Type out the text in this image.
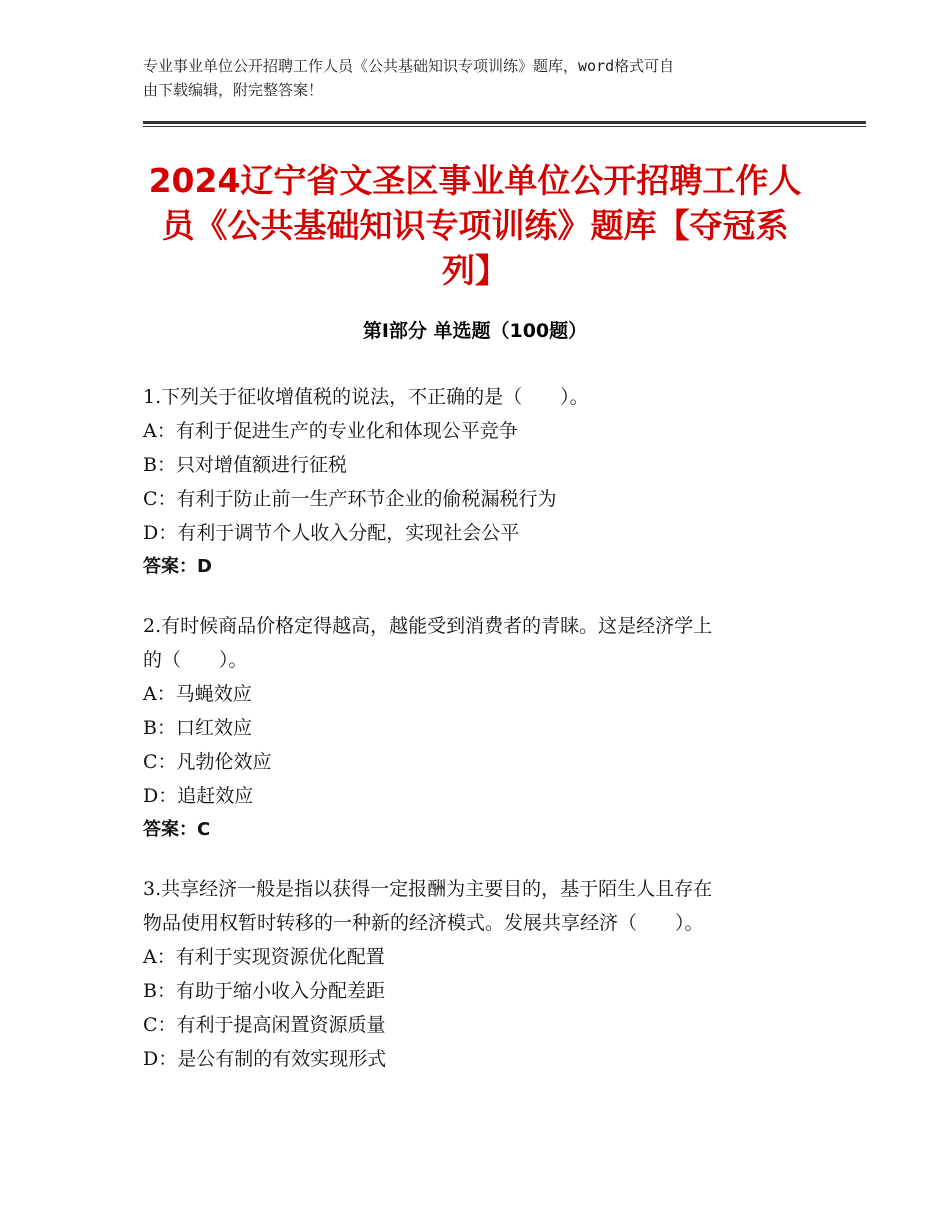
专业事业单位公开招聘工作人员《公共基础知识专项训练》题库，word格式可自
由下载编辑，附完整答案！
2024辽宁省文圣区事业单位公开招聘工作人
员《公共基础知识专项训练》题库【夺冠系
列】
第Ⅰ部分 单选题（100题）

1.下列关于征收增值税的说法，不正确的是（　　）。

A：有利于促进生产的专业化和体现公平竞争

B：只对增值额进行征税

C：有利于防止前一生产环节企业的偷税漏税行为

D：有利于调节个人收入分配，实现社会公平

答案：D

2.有时候商品价格定得越高，越能受到消费者的青睐。这是经济学上

的（　　）。

A：马蝇效应

B：口红效应

C：凡勃伦效应

D：追赶效应

答案：C

3.共享经济一般是指以获得一定报酬为主要目的，基于陌生人且存在

物品使用权暂时转移的一种新的经济模式。发展共享经济（　　）。

A：有利于实现资源优化配置

B：有助于缩小收入分配差距

C：有利于提高闲置资源质量

D：是公有制的有效实现形式
